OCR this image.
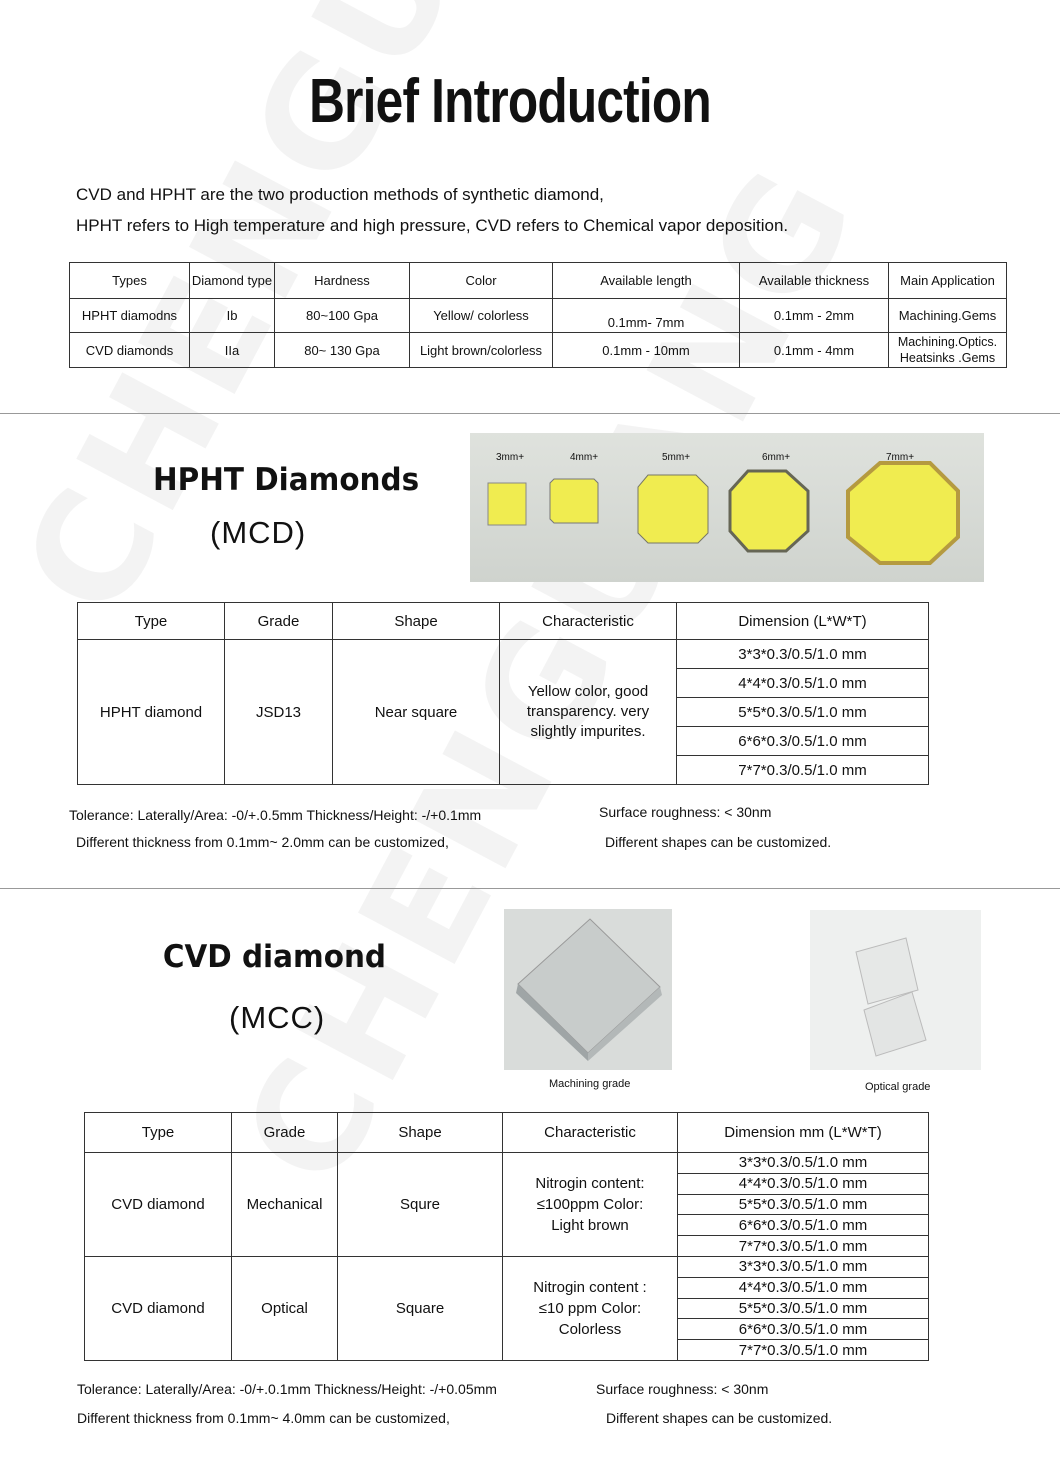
Brief Introduction
CVD and HPHT are the two production methods of synthetic diamond,
HPHT refers to High temperature and high pressure, CVD refers to Chemical vapor deposition.
Types	Diamond type	Hardness	Color	Available length	Available thickness	Main Application
HPHT diamodns	Ib	80~100 Gpa	Yellow/ colorless	0.1mm- 7mm	0.1mm - 2mm	Machining.Gems
CVD diamonds	IIa	80~ 130 Gpa	Light brown/colorless	0.1mm - 10mm	0.1mm - 4mm	Machining.Optics. Heatsinks .Gems
HPHT Diamonds
(MCD)
3mm+	4mm+	5mm+	6mm+	7mm+
Type	Grade	Shape	Characteristic	Dimension (L*W*T)
HPHT diamond	JSD13	Near square	Yellow color, good transparency. very slightly impurites.	3*3*0.3/0.5/1.0 mm
				4*4*0.3/0.5/1.0 mm
				5*5*0.3/0.5/1.0 mm
				6*6*0.3/0.5/1.0 mm
				7*7*0.3/0.5/1.0 mm
Tolerance: Laterally/Area: -0/+.0.5mm Thickness/Height: -/+0.1mm
Different thickness from 0.1mm~ 2.0mm can be customized,
Surface roughness: < 30nm
Different shapes can be customized.
CVD diamond
(MCC)
Machining grade	Optical grade
Type	Grade	Shape	Characteristic	Dimension mm (L*W*T)
CVD diamond	Mechanical	Squre	Nitrogin content: ≤100ppm Color: Light brown	3*3*0.3/0.5/1.0 mm
				4*4*0.3/0.5/1.0 mm
				5*5*0.3/0.5/1.0 mm
				6*6*0.3/0.5/1.0 mm
				7*7*0.3/0.5/1.0 mm
CVD diamond	Optical	Square	Nitrogin content : ≤10 ppm Color: Colorless	3*3*0.3/0.5/1.0 mm
				4*4*0.3/0.5/1.0 mm
				5*5*0.3/0.5/1.0 mm
				6*6*0.3/0.5/1.0 mm
				7*7*0.3/0.5/1.0 mm
Tolerance: Laterally/Area: -0/+.0.1mm Thickness/Height: -/+0.05mm
Different thickness from 0.1mm~ 4.0mm can be customized,
Surface roughness: < 30nm
Different shapes can be customized.
